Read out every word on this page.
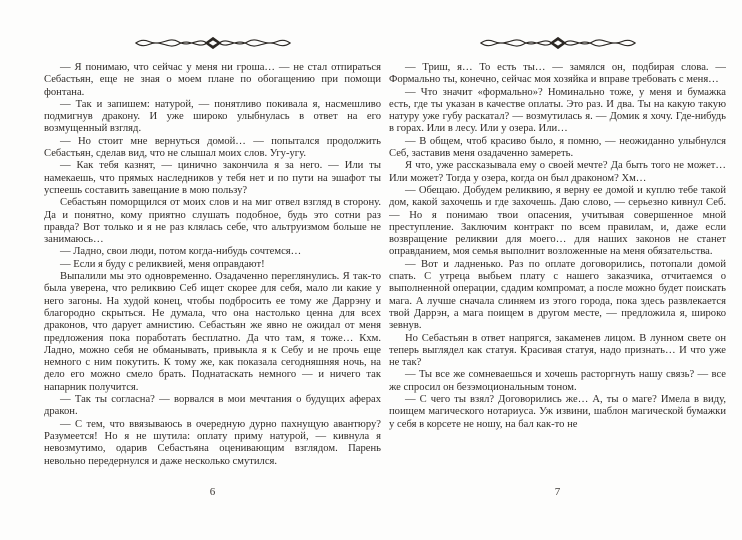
— Я понимаю, что сейчас у меня ни гроша… — не стал отпираться Себастьян, еще не зная о моем плане по обогащению при помощи фонтана.

— Так и запишем: натурой, — понятливо покивала я, насмешливо подмигнув дракону. И уже широко улыбнулась в ответ на его возмущенный взгляд.

— Но стоит мне вернуться домой… — попытался продолжить Себастьян, сделав вид, что не слышал моих слов. Угу-угу.

— Как тебя казнят, — цинично закончила я за него. — Или ты намекаешь, что прямых наследников у тебя нет и по пути на эшафот ты успеешь составить завещание в мою пользу?

Себастьян поморщился от моих слов и на миг отвел взгляд в сторону. Да и понятно, кому приятно слушать подобное, будь это сотни раз правда? Вот только и я не раз клялась себе, что альтруизмом больше не занимаюсь…

— Ладно, свои люди, потом когда-нибудь сочтемся…

— Если я буду с реликвией, меня оправдают!

Выпалили мы это одновременно. Озадаченно переглянулись. Я так-то была уверена, что реликвию Себ ищет скорее для себя, мало ли какие у него загоны. На худой конец, чтобы подбросить ее тому же Даррэну и благородно скрыться. Не думала, что она настолько ценна для всех драконов, что дарует амнистию. Себастьян же явно не ожидал от меня предложения пока поработать бесплатно. Да что там, я тоже… Кхм. Ладно, можно себя не обманывать, привыкла я к Себу и не прочь еще немного с ним покутить. К тому же, как показала сегодняшняя ночь, на дело его можно смело брать. Поднатаскать немного — и ничего так напарник получится.

— Так ты согласна? — ворвался в мои мечтания о будущих аферах дракон.

— С тем, что ввязываюсь в очередную дурно пахнущую авантюру? Разумеется! Но я не шутила: оплату приму натурой, — кивнула я невозмутимо, одарив Себастьяна оценивающим взглядом. Парень невольно передернулся и даже несколько смутился.

6

— Триш, я… То есть ты… — замялся он, подбирая слова. — Формально ты, конечно, сейчас моя хозяйка и вправе требовать с меня…

— Что значит «формально»? Номинально тоже, у меня и бумажка есть, где ты указан в качестве оплаты. Это раз. И два. Ты на какую такую натуру уже губу раскатал? — возмутилась я. — Домик я хочу. Где-нибудь в горах. Или в лесу. Или у озера. Или…

— В общем, чтоб красиво было, я помню, — неожиданно улыбнулся Себ, заставив меня озадаченно замереть.

Я что, уже рассказывала ему о своей мечте? Да быть того не может… Или может? Тогда у озера, когда он был драконом? Хм…

— Обещаю. Добудем реликвию, я верну ее домой и куплю тебе такой дом, какой захочешь и где захочешь. Даю слово, — серьезно кивнул Себ. — Но я понимаю твои опасения, учитывая совершенное мной преступление. Заключим контракт по всем правилам, и, даже если возвращение реликвии для моего… для наших законов не станет оправданием, моя семья выполнит возложенные на меня обязательства.

— Вот и ладненько. Раз по оплате договорились, потопали домой спать. С утреца выбьем плату с нашего заказчика, отчитаемся о выполненной операции, сдадим компромат, а после можно будет поискать мага. А лучше сначала слиняем из этого города, пока здесь развлекается твой Даррэн, а мага поищем в другом месте, — предложила я, широко зевнув.

Но Себастьян в ответ напрягся, закаменев лицом. В лунном свете он теперь выглядел как статуя. Красивая статуя, надо признать… И что уже не так?

— Ты все же сомневаешься и хочешь расторгнуть нашу связь? — все же спросил он безэмоциональным тоном.

— С чего ты взял? Договорились же… А, ты о маге? Имела в виду, поищем магического нотариуса. Уж извини, шаблон магической бумажки у себя в корсете не ношу, на бал как-то не

7
